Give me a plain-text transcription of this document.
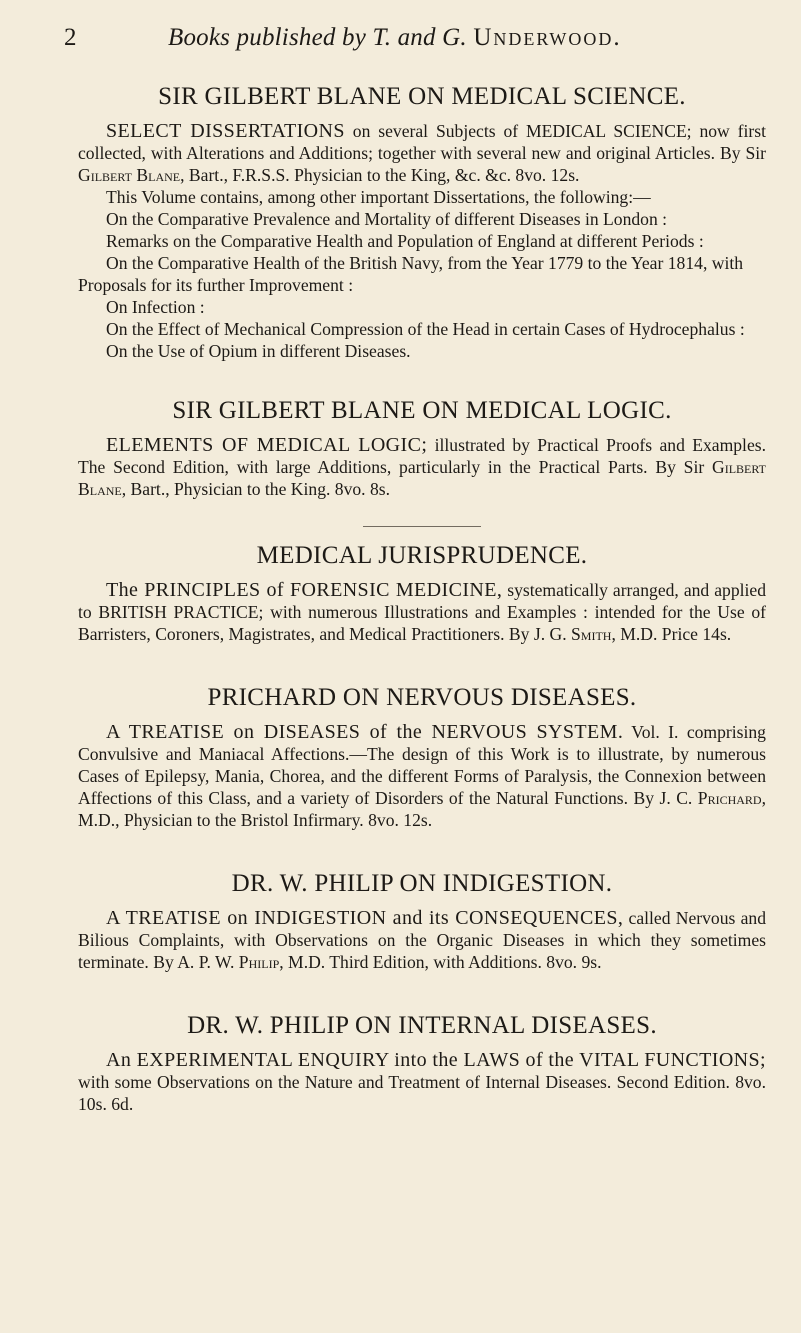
2	Books published by T. and G. Underwood.
SIR GILBERT BLANE ON MEDICAL SCIENCE.

SELECT DISSERTATIONS on several Subjects of MEDICAL SCIENCE; now first collected, with Alterations and Additions; together with several new and original Articles. By Sir Gilbert Blane, Bart., F.R.S.S. Physician to the King, &c. &c. 8vo. 12s.

This Volume contains, among other important Dissertations, the following:—

On the Comparative Prevalence and Mortality of different Diseases in London :

Remarks on the Comparative Health and Population of England at different Periods :

On the Comparative Health of the British Navy, from the Year 1779 to the Year 1814, with Proposals for its further Improvement :

On Infection :

On the Effect of Mechanical Compression of the Head in certain Cases of Hydrocephalus :

On the Use of Opium in different Diseases.

SIR GILBERT BLANE ON MEDICAL LOGIC.

ELEMENTS OF MEDICAL LOGIC; illustrated by Practical Proofs and Examples. The Second Edition, with large Additions, particularly in the Practical Parts. By Sir Gilbert Blane, Bart., Physician to the King. 8vo. 8s.

MEDICAL JURISPRUDENCE.

The PRINCIPLES of FORENSIC MEDICINE, systematically arranged, and applied to BRITISH PRACTICE; with numerous Illustrations and Examples : intended for the Use of Barristers, Coroners, Magistrates, and Medical Practitioners. By J. G. Smith, M.D. Price 14s.

PRICHARD ON NERVOUS DISEASES.

A TREATISE on DISEASES of the NERVOUS SYSTEM. Vol. I. comprising Convulsive and Maniacal Affections.—The design of this Work is to illustrate, by numerous Cases of Epilepsy, Mania, Chorea, and the different Forms of Paralysis, the Connexion between Affections of this Class, and a variety of Disorders of the Natural Functions. By J. C. Prichard, M.D., Physician to the Bristol Infirmary. 8vo. 12s.

DR. W. PHILIP ON INDIGESTION.

A TREATISE on INDIGESTION and its CONSEQUENCES, called Nervous and Bilious Complaints, with Observations on the Organic Diseases in which they sometimes terminate. By A. P. W. Philip, M.D. Third Edition, with Additions. 8vo. 9s.

DR. W. PHILIP ON INTERNAL DISEASES.

An EXPERIMENTAL ENQUIRY into the LAWS of the VITAL FUNCTIONS; with some Observations on the Nature and Treatment of Internal Diseases. Second Edition. 8vo. 10s. 6d.
